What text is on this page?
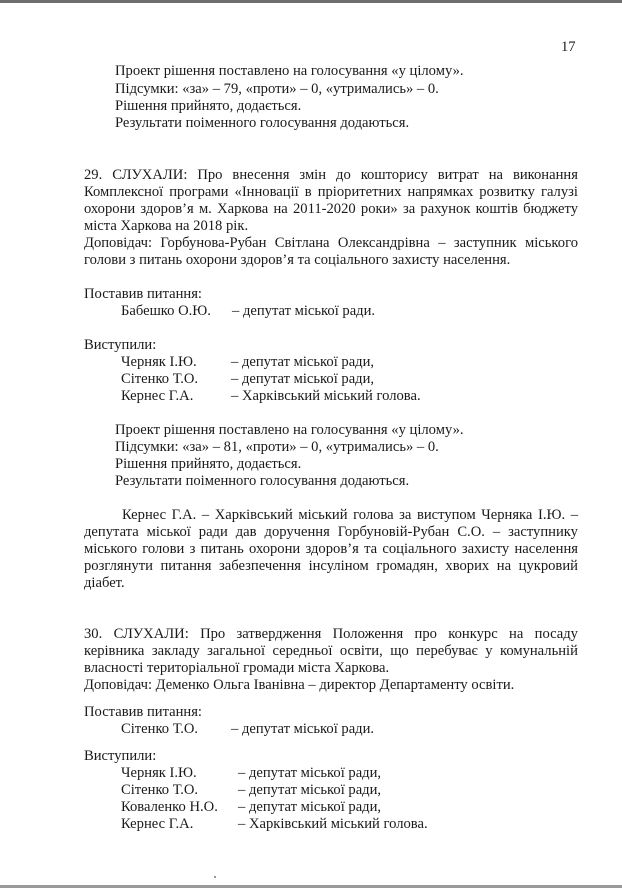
17
Проект рішення поставлено на голосування «у цілому».
Підсумки: «за» – 79, «проти» – 0, «утримались» – 0.
Рішення прийнято, додається.
Результати поіменного голосування додаються.
29. СЛУХАЛИ: Про внесення змін до кошторису витрат на виконання
Комплексної програми «Інновації в пріоритетних напрямках розвитку галузі
охорони здоров’я м. Харкова на 2011-2020 роки» за рахунок коштів бюджету
міста Харкова на 2018 рік.
Доповідач: Горбунова-Рубан Світлана Олександрівна – заступник міського
голови з питань охорони здоров’я та соціального захисту населення.
Поставив питання:
Бабешко О.Ю. – депутат міської ради.
Виступили:
Черняк І.Ю. – депутат міської ради,
Сітенко Т.О. – депутат міської ради,
Кернес Г.А.	– Харківський міський голова.
Проект рішення поставлено на голосування «у цілому».
Підсумки: «за» – 81, «проти» – 0, «утримались» – 0.
Рішення прийнято, додається.
Результати поіменного голосування додаються.
Кернес Г.А. – Харківський міський голова за виступом Черняка І.Ю. –
депутата міської ради дав доручення Горбуновій-Рубан С.О. – заступнику
міського голови з питань охорони здоров’я та соціального захисту населення
розглянути питання забезпечення інсуліном громадян, хворих на цукровий
діабет.
30. СЛУХАЛИ: Про затвердження Положення про конкурс на посаду
керівника закладу загальної середньої освіти, що перебуває у комунальній
власності територіальної громади міста Харкова.
Доповідач: Деменко Ольга Іванівна – директор Департаменту освіти.
Поставив питання:
Сітенко Т.О. – депутат міської ради.
Виступили:
Черняк І.Ю.	– депутат міської ради,
Сітенко Т.О.	– депутат міської ради,
Коваленко Н.О. – депутат міської ради,
Кернес Г.А.	– Харківський міський голова.
